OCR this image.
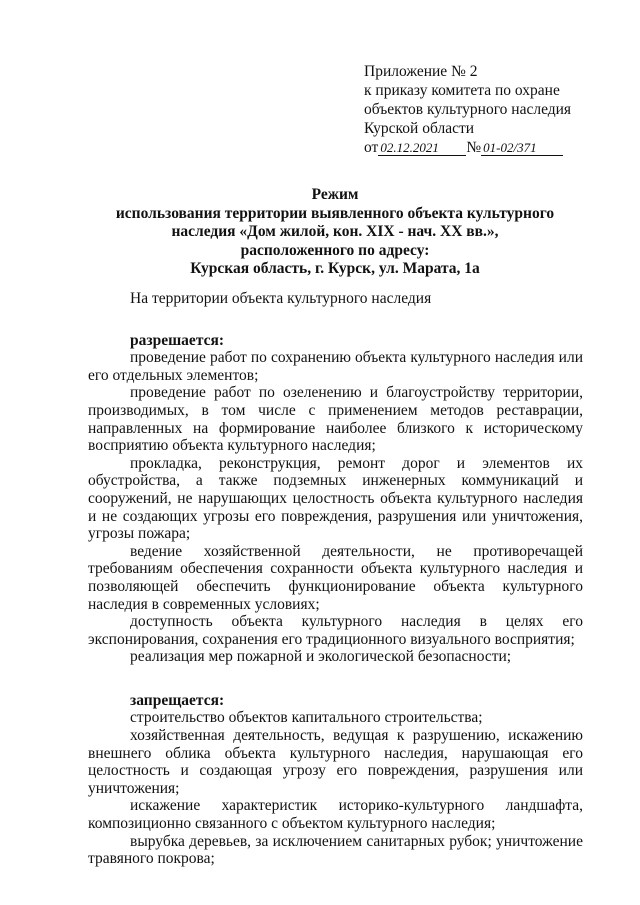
Приложение № 2
к приказу комитета по охране
объектов культурного наследия
Курской области
от 02.12.2021 № 01-02/371
Режим
использования территории выявленного объекта культурного
наследия «Дом жилой, кон. XIX - нач. XX вв.»,
расположенного по адресу:
Курская область, г. Курск, ул. Марата, 1а

На территории объекта культурного наследия

разрешается:

проведение работ по сохранению объекта культурного наследия или его отдельных элементов;

проведение работ по озеленению и благоустройству территории, производимых, в том числе с применением методов реставрации, направленных на формирование наиболее близкого к историческому восприятию объекта культурного наследия;

прокладка, реконструкция, ремонт дорог и элементов их обустройства, а также подземных инженерных коммуникаций и сооружений, не нарушающих целостность объекта культурного наследия и не создающих угрозы его повреждения, разрушения или уничтожения, угрозы пожара;

ведение хозяйственной деятельности, не противоречащей требованиям обеспечения сохранности объекта культурного наследия и позволяющей обеспечить функционирование объекта культурного наследия в современных условиях;

доступность объекта культурного наследия в целях его экспонирования, сохранения его традиционного визуального восприятия;

реализация мер пожарной и экологической безопасности;

запрещается:

строительство объектов капитального строительства;

хозяйственная деятельность, ведущая к разрушению, искажению внешнего облика объекта культурного наследия, нарушающая его целостность и создающая угрозу его повреждения, разрушения или уничтожения;

искажение характеристик историко-культурного ландшафта, композиционно связанного с объектом культурного наследия;

вырубка деревьев, за исключением санитарных рубок; уничтожение травяного покрова;
